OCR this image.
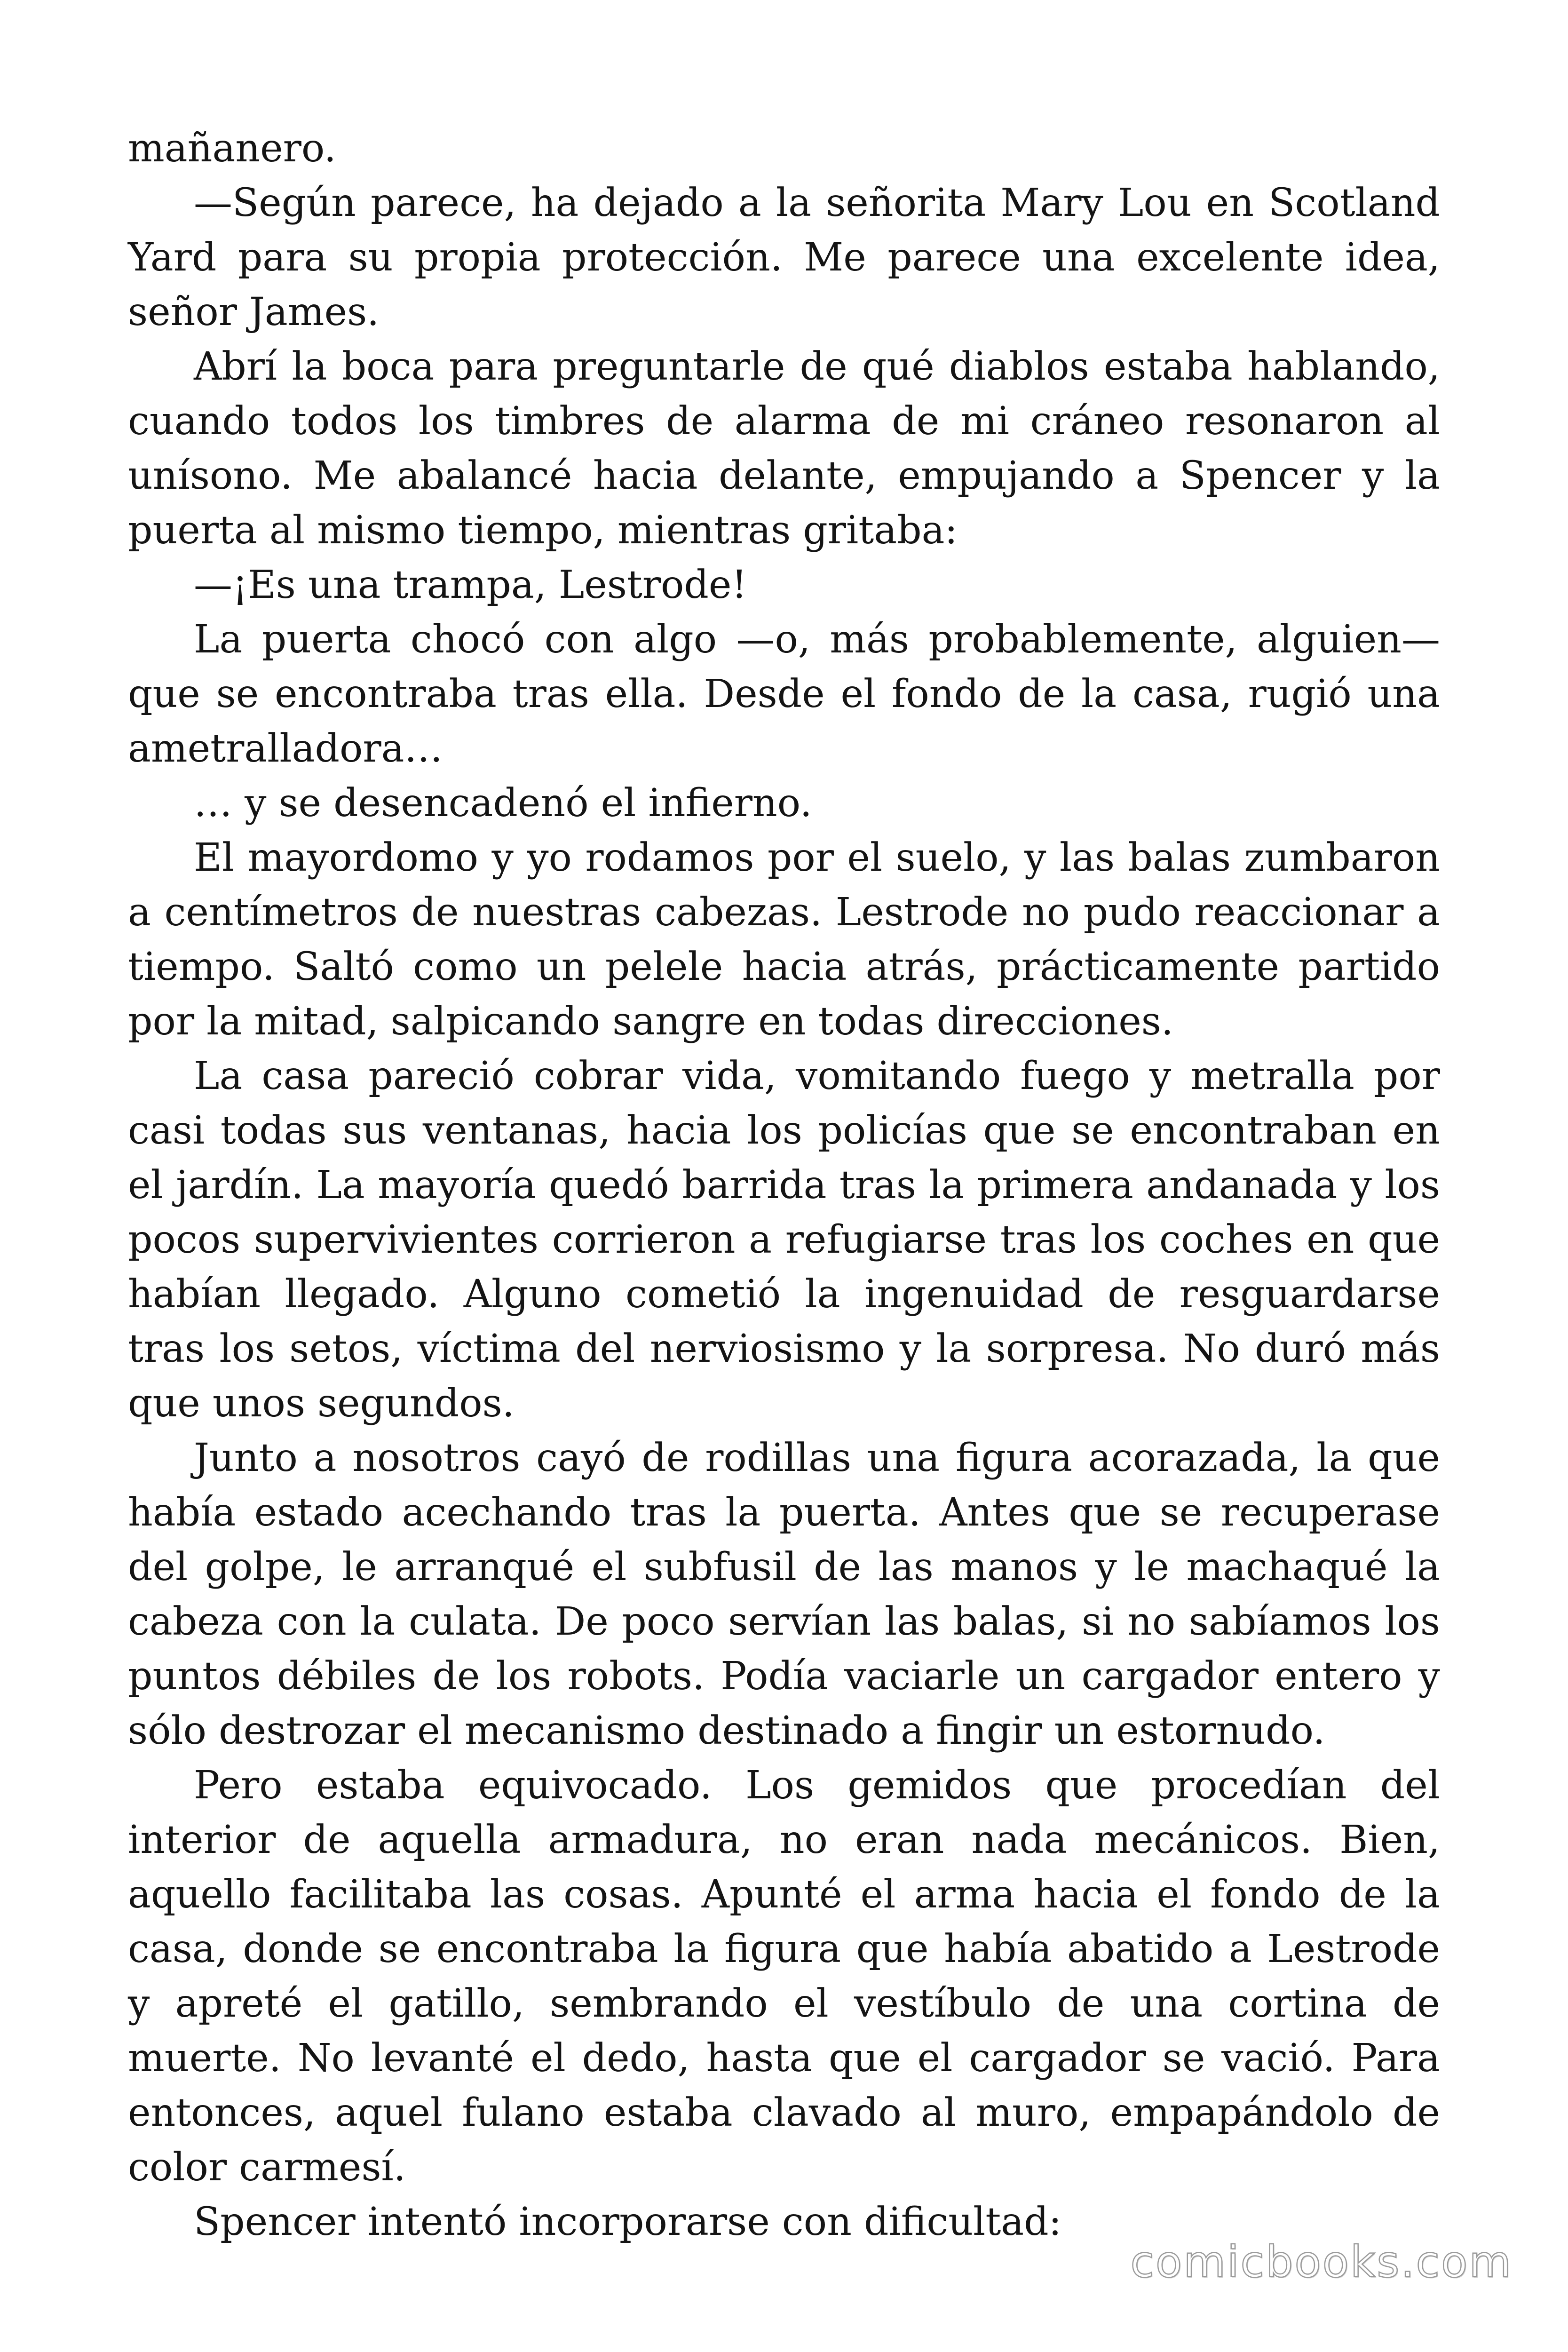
mañanero.

—Según parece, ha dejado a la señorita Mary Lou en Scotland Yard para su propia protección. Me parece una excelente idea, señor James.

Abrí la boca para preguntarle de qué diablos estaba hablando, cuando todos los timbres de alarma de mi cráneo resonaron al unísono. Me abalancé hacia delante, empujando a Spencer y la puerta al mismo tiempo, mientras gritaba:

—¡Es una trampa, Lestrode!

La puerta chocó con algo —o, más probablemente, alguien— que se encontraba tras ella. Desde el fondo de la casa, rugió una ametralladora…

… y se desencadenó el infierno.

El mayordomo y yo rodamos por el suelo, y las balas zumbaron a centímetros de nuestras cabezas. Lestrode no pudo reaccionar a tiempo. Saltó como un pelele hacia atrás, prácticamente partido por la mitad, salpicando sangre en todas direcciones.

La casa pareció cobrar vida, vomitando fuego y metralla por casi todas sus ventanas, hacia los policías que se encontraban en el jardín. La mayoría quedó barrida tras la primera andanada y los pocos supervivientes corrieron a refugiarse tras los coches en que habían llegado. Alguno cometió la ingenuidad de resguardarse tras los setos, víctima del nerviosismo y la sorpresa. No duró más que unos segundos.

Junto a nosotros cayó de rodillas una figura acorazada, la que había estado acechando tras la puerta. Antes que se recuperase del golpe, le arranqué el subfusil de las manos y le machaqué la cabeza con la culata. De poco servían las balas, si no sabíamos los puntos débiles de los robots. Podía vaciarle un cargador entero y sólo destrozar el mecanismo destinado a fingir un estornudo.

Pero estaba equivocado. Los gemidos que procedían del interior de aquella armadura, no eran nada mecánicos. Bien, aquello facilitaba las cosas. Apunté el arma hacia el fondo de la casa, donde se encontraba la figura que había abatido a Lestrode y apreté el gatillo, sembrando el vestíbulo de una cortina de muerte. No levanté el dedo, hasta que el cargador se vació. Para entonces, aquel fulano estaba clavado al muro, empapándolo de color carmesí.

Spencer intentó incorporarse con dificultad:

comicbooks.com
